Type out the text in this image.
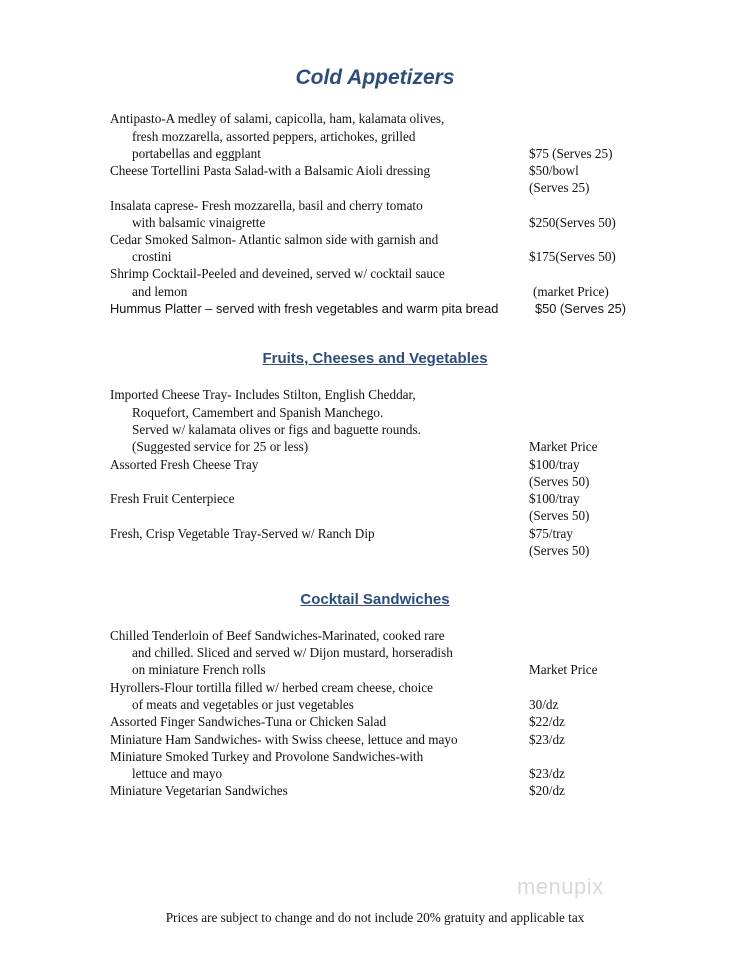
Cold Appetizers
Antipasto-A medley of salami, capicolla, ham, kalamata olives,
fresh mozzarella, assorted peppers, artichokes, grilled
portabellas and eggplant	$75 (Serves 25)
Cheese Tortellini Pasta Salad-with a Balsamic Aioli dressing	$50/bowl
(Serves 25)
Insalata caprese- Fresh mozzarella, basil and cherry tomato
with balsamic vinaigrette	$250(Serves 50)
Cedar Smoked Salmon- Atlantic salmon side with garnish and
crostini	$175(Serves 50)
Shrimp Cocktail-Peeled and deveined, served w/ cocktail sauce
and lemon	(market Price)
Hummus Platter – served with fresh vegetables and warm pita bread	$50 (Serves 25)
Fruits, Cheeses and Vegetables
Imported Cheese Tray- Includes Stilton, English Cheddar,
Roquefort, Camembert and Spanish Manchego.
Served w/ kalamata olives or figs and baguette rounds.
(Suggested service for 25 or less)	Market Price
Assorted Fresh Cheese Tray	$100/tray
(Serves 50)
Fresh Fruit Centerpiece	$100/tray
(Serves 50)
Fresh, Crisp Vegetable Tray-Served w/ Ranch Dip	$75/tray
(Serves 50)
Cocktail Sandwiches
Chilled Tenderloin of Beef Sandwiches-Marinated, cooked rare
and chilled. Sliced and served w/ Dijon mustard, horseradish
on miniature French rolls	Market Price
Hyrollers-Flour tortilla filled w/ herbed cream cheese, choice
of meats and vegetables or just vegetables	30/dz
Assorted Finger Sandwiches-Tuna or Chicken Salad	$22/dz
Miniature Ham Sandwiches- with Swiss cheese, lettuce and mayo	$23/dz
Miniature Smoked Turkey and Provolone Sandwiches-with
lettuce and mayo	$23/dz
Miniature Vegetarian Sandwiches	$20/dz
menupix
Prices are subject to change and do not include 20% gratuity and applicable tax
